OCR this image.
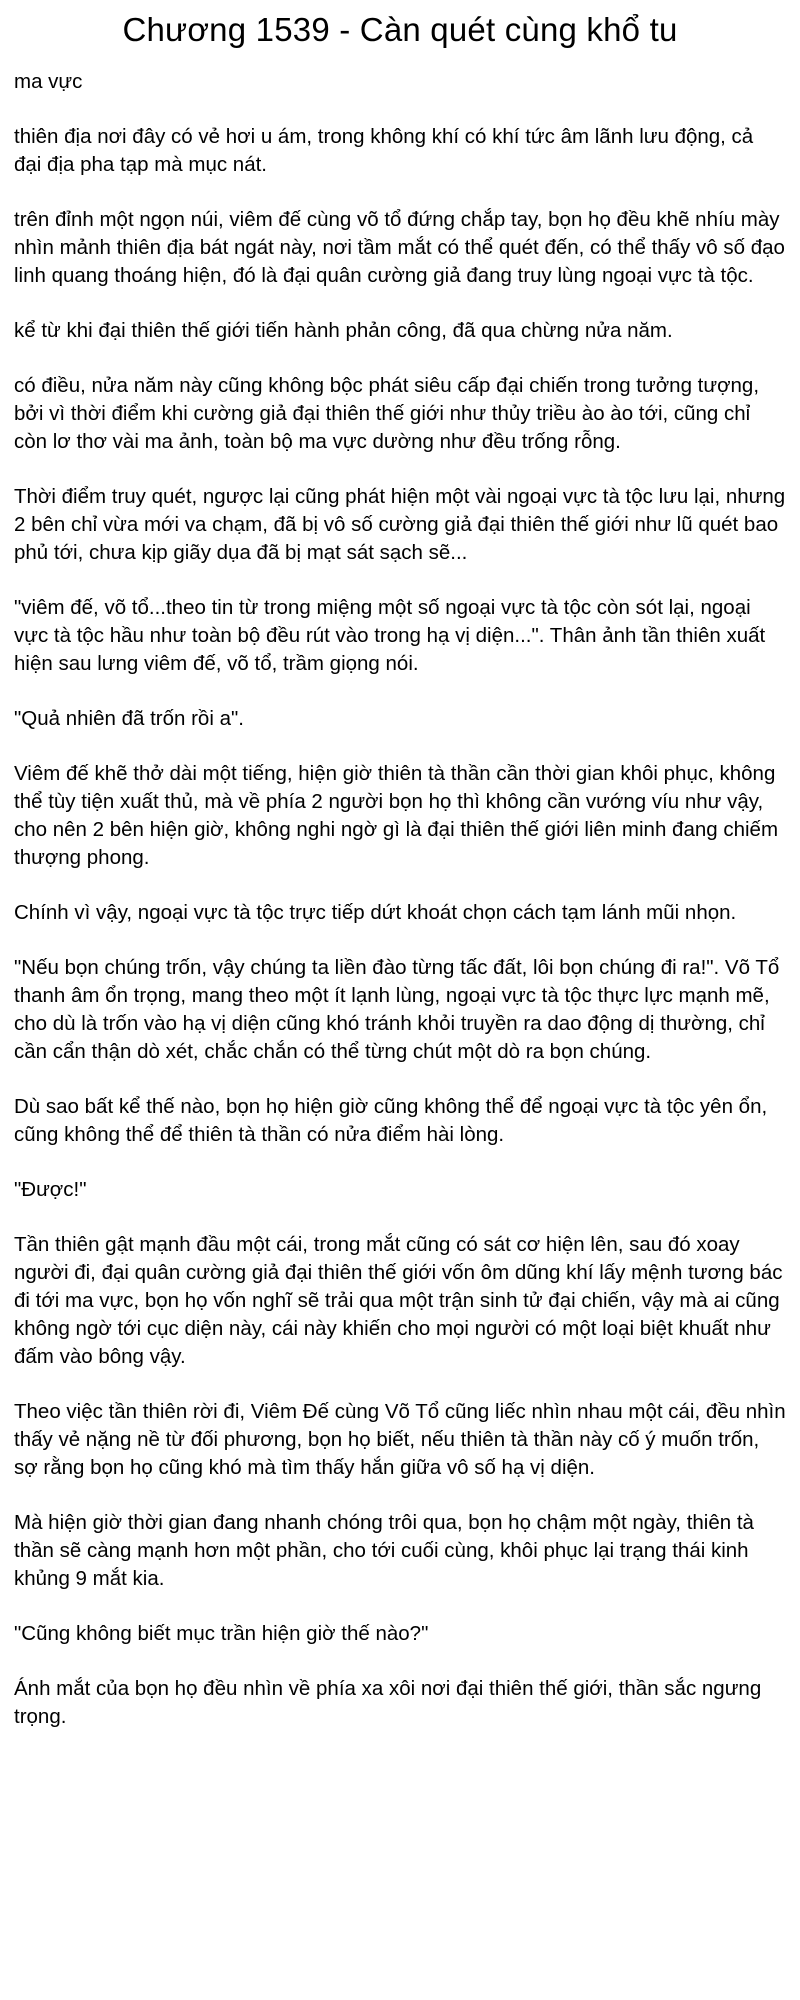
Chương 1539 - Càn quét cùng khổ tu

ma vực

thiên địa nơi đây có vẻ hơi u ám, trong không khí có khí tức âm lãnh lưu động, cả đại địa pha tạp mà mục nát.

trên đỉnh một ngọn núi, viêm đế cùng võ tổ đứng chắp tay, bọn họ đều khẽ nhíu mày nhìn mảnh thiên địa bát ngát này, nơi tầm mắt có thể quét đến, có thể thấy vô số đạo linh quang thoáng hiện, đó là đại quân cường giả đang truy lùng ngoại vực tà tộc.

kể từ khi đại thiên thế giới tiến hành phản công, đã qua chừng nửa năm.

có điều, nửa năm này cũng không bộc phát siêu cấp đại chiến trong tưởng tượng, bởi vì thời điểm khi cường giả đại thiên thế giới như thủy triều ào ào tới, cũng chỉ còn lơ thơ vài ma ảnh, toàn bộ ma vực dường như đều trống rỗng.

Thời điểm truy quét, ngược lại cũng phát hiện một vài ngoại vực tà tộc lưu lại, nhưng 2 bên chỉ vừa mới va chạm, đã bị vô số cường giả đại thiên thế giới như lũ quét bao phủ tới, chưa kịp giãy dụa đã bị mạt sát sạch sẽ...

"viêm đế, võ tổ...theo tin từ trong miệng một số ngoại vực tà tộc còn sót lại, ngoại vực tà tộc hầu như toàn bộ đều rút vào trong hạ vị diện...". Thân ảnh tần thiên xuất hiện sau lưng viêm đế, võ tổ, trầm giọng nói.

"Quả nhiên đã trốn rồi a".

Viêm đế khẽ thở dài một tiếng, hiện giờ thiên tà thần cần thời gian khôi phục, không thể tùy tiện xuất thủ, mà về phía 2 người bọn họ thì không cần vướng víu như vậy, cho nên 2 bên hiện giờ, không nghi ngờ gì là đại thiên thế giới liên minh đang chiếm thượng phong.

Chính vì vậy, ngoại vực tà tộc trực tiếp dứt khoát chọn cách tạm lánh mũi nhọn.

"Nếu bọn chúng trốn, vậy chúng ta liền đào từng tấc đất, lôi bọn chúng đi ra!". Võ Tổ thanh âm ổn trọng, mang theo một ít lạnh lùng, ngoại vực tà tộc thực lực mạnh mẽ, cho dù là trốn vào hạ vị diện cũng khó tránh khỏi truyền ra dao động dị thường, chỉ cần cẩn thận dò xét, chắc chắn có thể từng chút một dò ra bọn chúng.

Dù sao bất kể thế nào, bọn họ hiện giờ cũng không thể để ngoại vực tà tộc yên ổn, cũng không thể để thiên tà thần có nửa điểm hài lòng.

"Được!"

Tần thiên gật mạnh đầu một cái, trong mắt cũng có sát cơ hiện lên, sau đó xoay người đi, đại quân cường giả đại thiên thế giới vốn ôm dũng khí lấy mệnh tương bác đi tới ma vực, bọn họ vốn nghĩ sẽ trải qua một trận sinh tử đại chiến, vậy mà ai cũng không ngờ tới cục diện này, cái này khiến cho mọi người có một loại biệt khuất như đấm vào bông vậy.

Theo việc tần thiên rời đi, Viêm Đế cùng Võ Tổ cũng liếc nhìn nhau một cái, đều nhìn thấy vẻ nặng nề từ đối phương, bọn họ biết, nếu thiên tà thần này cố ý muốn trốn, sợ rằng bọn họ cũng khó mà tìm thấy hắn giữa vô số hạ vị diện.

Mà hiện giờ thời gian đang nhanh chóng trôi qua, bọn họ chậm một ngày, thiên tà thần sẽ càng mạnh hơn một phần, cho tới cuối cùng, khôi phục lại trạng thái kinh khủng 9 mắt kia.

"Cũng không biết mục trần hiện giờ thế nào?"

Ánh mắt của bọn họ đều nhìn về phía xa xôi nơi đại thiên thế giới, thần sắc ngưng trọng.
